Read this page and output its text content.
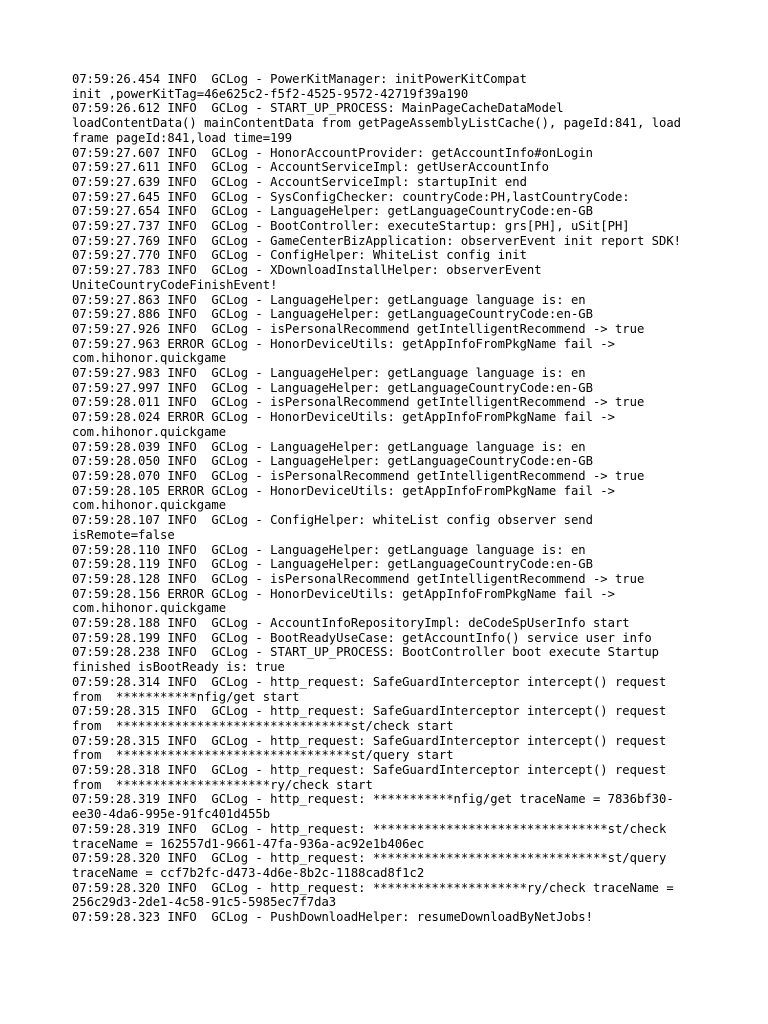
07:59:26.454 INFO  GCLog - PowerKitManager: initPowerKitCompat

init ,powerKitTag=46e625c2-f5f2-4525-9572-42719f39a190

07:59:26.612 INFO  GCLog - START_UP_PROCESS: MainPageCacheDataModel

loadContentData() mainContentData from getPageAssemblyListCache(), pageId:841, load

frame pageId:841,load time=199

07:59:27.607 INFO  GCLog - HonorAccountProvider: getAccountInfo#onLogin

07:59:27.611 INFO  GCLog - AccountServiceImpl: getUserAccountInfo

07:59:27.639 INFO  GCLog - AccountServiceImpl: startupInit end

07:59:27.645 INFO  GCLog - SysConfigChecker: countryCode:PH,lastCountryCode:

07:59:27.654 INFO  GCLog - LanguageHelper: getLanguageCountryCode:en-GB

07:59:27.737 INFO  GCLog - BootController: executeStartup: grs[PH], uSit[PH]

07:59:27.769 INFO  GCLog - GameCenterBizApplication: observerEvent init report SDK!

07:59:27.770 INFO  GCLog - ConfigHelper: WhiteList config init

07:59:27.783 INFO  GCLog - XDownloadInstallHelper: observerEvent

UniteCountryCodeFinishEvent!

07:59:27.863 INFO  GCLog - LanguageHelper: getLanguage language is: en

07:59:27.886 INFO  GCLog - LanguageHelper: getLanguageCountryCode:en-GB

07:59:27.926 INFO  GCLog - isPersonalRecommend getIntelligentRecommend -> true

07:59:27.963 ERROR GCLog - HonorDeviceUtils: getAppInfoFromPkgName fail ->

com.hihonor.quickgame

07:59:27.983 INFO  GCLog - LanguageHelper: getLanguage language is: en

07:59:27.997 INFO  GCLog - LanguageHelper: getLanguageCountryCode:en-GB

07:59:28.011 INFO  GCLog - isPersonalRecommend getIntelligentRecommend -> true

07:59:28.024 ERROR GCLog - HonorDeviceUtils: getAppInfoFromPkgName fail ->

com.hihonor.quickgame

07:59:28.039 INFO  GCLog - LanguageHelper: getLanguage language is: en

07:59:28.050 INFO  GCLog - LanguageHelper: getLanguageCountryCode:en-GB

07:59:28.070 INFO  GCLog - isPersonalRecommend getIntelligentRecommend -> true

07:59:28.105 ERROR GCLog - HonorDeviceUtils: getAppInfoFromPkgName fail ->

com.hihonor.quickgame

07:59:28.107 INFO  GCLog - ConfigHelper: whiteList config observer send

isRemote=false

07:59:28.110 INFO  GCLog - LanguageHelper: getLanguage language is: en

07:59:28.119 INFO  GCLog - LanguageHelper: getLanguageCountryCode:en-GB

07:59:28.128 INFO  GCLog - isPersonalRecommend getIntelligentRecommend -> true

07:59:28.156 ERROR GCLog - HonorDeviceUtils: getAppInfoFromPkgName fail ->

com.hihonor.quickgame

07:59:28.188 INFO  GCLog - AccountInfoRepositoryImpl: deCodeSpUserInfo start

07:59:28.199 INFO  GCLog - BootReadyUseCase: getAccountInfo() service user info

07:59:28.238 INFO  GCLog - START_UP_PROCESS: BootController boot execute Startup

finished isBootReady is: true

07:59:28.314 INFO  GCLog - http_request: SafeGuardInterceptor intercept() request

from  ***********nfig/get start

07:59:28.315 INFO  GCLog - http_request: SafeGuardInterceptor intercept() request

from  ********************************st/check start

07:59:28.315 INFO  GCLog - http_request: SafeGuardInterceptor intercept() request

from  ********************************st/query start

07:59:28.318 INFO  GCLog - http_request: SafeGuardInterceptor intercept() request

from  *********************ry/check start

07:59:28.319 INFO  GCLog - http_request: ***********nfig/get traceName = 7836bf30-

ee30-4da6-995e-91fc401d455b

07:59:28.319 INFO  GCLog - http_request: ********************************st/check

traceName = 162557d1-9661-47fa-936a-ac92e1b406ec

07:59:28.320 INFO  GCLog - http_request: ********************************st/query

traceName = ccf7b2fc-d473-4d6e-8b2c-1188cad8f1c2

07:59:28.320 INFO  GCLog - http_request: *********************ry/check traceName =

256c29d3-2de1-4c58-91c5-5985ec7f7da3

07:59:28.323 INFO  GCLog - PushDownloadHelper: resumeDownloadByNetJobs!
